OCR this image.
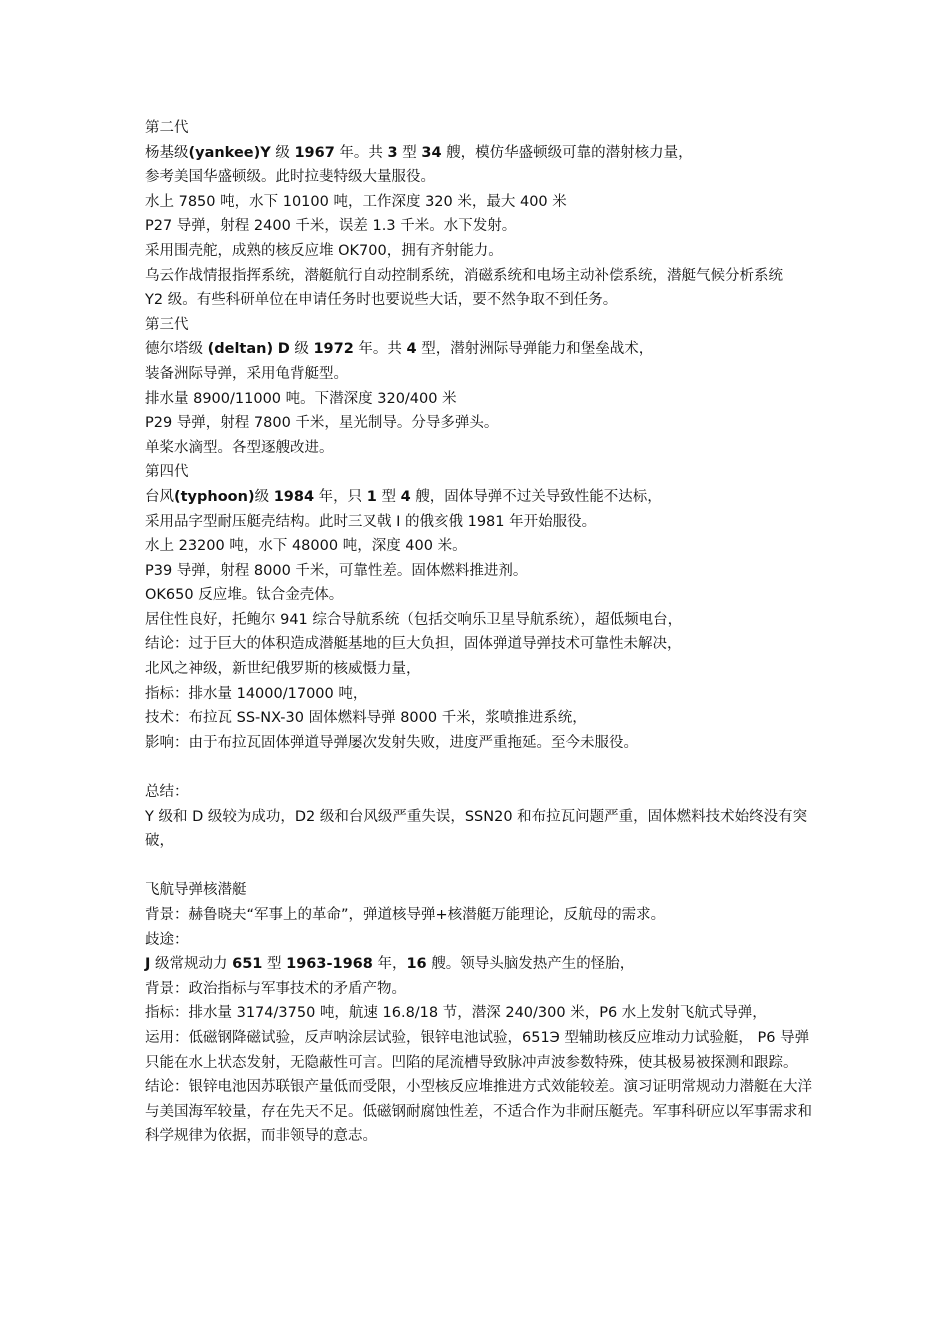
第二代

杨基级(yankee)Y 级 1967 年。共 3 型 34 艘，模仿华盛顿级可靠的潜射核力量，

参考美国华盛顿级。此时拉斐特级大量服役。

水上 7850 吨，水下 10100 吨，工作深度 320 米，最大 400 米

P27 导弹，射程 2400 千米，误差 1.3 千米。水下发射。

采用围壳舵，成熟的核反应堆 OK700，拥有齐射能力。

乌云作战情报指挥系统，潜艇航行自动控制系统，消磁系统和电场主动补偿系统，潜艇气候分析系统

Y2 级。有些科研单位在申请任务时也要说些大话，要不然争取不到任务。

第三代

德尔塔级 (deltan) D 级 1972 年。共 4 型，潜射洲际导弹能力和堡垒战术，

装备洲际导弹，采用龟背艇型。

排水量 8900/11000 吨。下潜深度 320/400 米

P29 导弹，射程 7800 千米，星光制导。分导多弹头。

单桨水滴型。各型逐艘改进。

第四代

台风(typhoon)级 1984 年，只 1 型 4 艘，固体导弹不过关导致性能不达标，

采用品字型耐压艇壳结构。此时三叉戟 I 的俄亥俄 1981 年开始服役。

水上 23200 吨，水下 48000 吨，深度 400 米。

P39 导弹，射程 8000 千米，可靠性差。固体燃料推进剂。

OK650 反应堆。钛合金壳体。

居住性良好，托鲍尔 941 综合导航系统（包括交响乐卫星导航系统），超低频电台，

结论：过于巨大的体积造成潜艇基地的巨大负担，固体弹道导弹技术可靠性未解决，

北风之神级，新世纪俄罗斯的核威慑力量，

指标：排水量 14000/17000 吨，

技术：布拉瓦 SS-NX-30 固体燃料导弹 8000 千米，浆喷推进系统，

影响：由于布拉瓦固体弹道导弹屡次发射失败，进度严重拖延。至今未服役。

总结：

Y 级和 D 级较为成功，D2 级和台风级严重失误，SSN20 和布拉瓦问题严重，固体燃料技术始终没有突破，

飞航导弹核潜艇

背景：赫鲁晓夫“军事上的革命”，弹道核导弹+核潜艇万能理论，反航母的需求。

歧途：

J 级常规动力 651 型 1963-1968 年，16 艘。领导头脑发热产生的怪胎，

背景：政治指标与军事技术的矛盾产物。

指标：排水量 3174/3750 吨，航速 16.8/18 节，潜深 240/300 米，P6 水上发射飞航式导弹，

运用：低磁钢降磁试验，反声呐涂层试验，银锌电池试验，651Э 型辅助核反应堆动力试验艇， P6 导弹只能在水上状态发射，无隐蔽性可言。凹陷的尾流槽导致脉冲声波参数特殊，使其极易被探测和跟踪。

结论：银锌电池因苏联银产量低而受限，小型核反应堆推进方式效能较差。演习证明常规动力潜艇在大洋与美国海军较量，存在先天不足。低磁钢耐腐蚀性差，不适合作为非耐压艇壳。军事科研应以军事需求和科学规律为依据，而非领导的意志。
